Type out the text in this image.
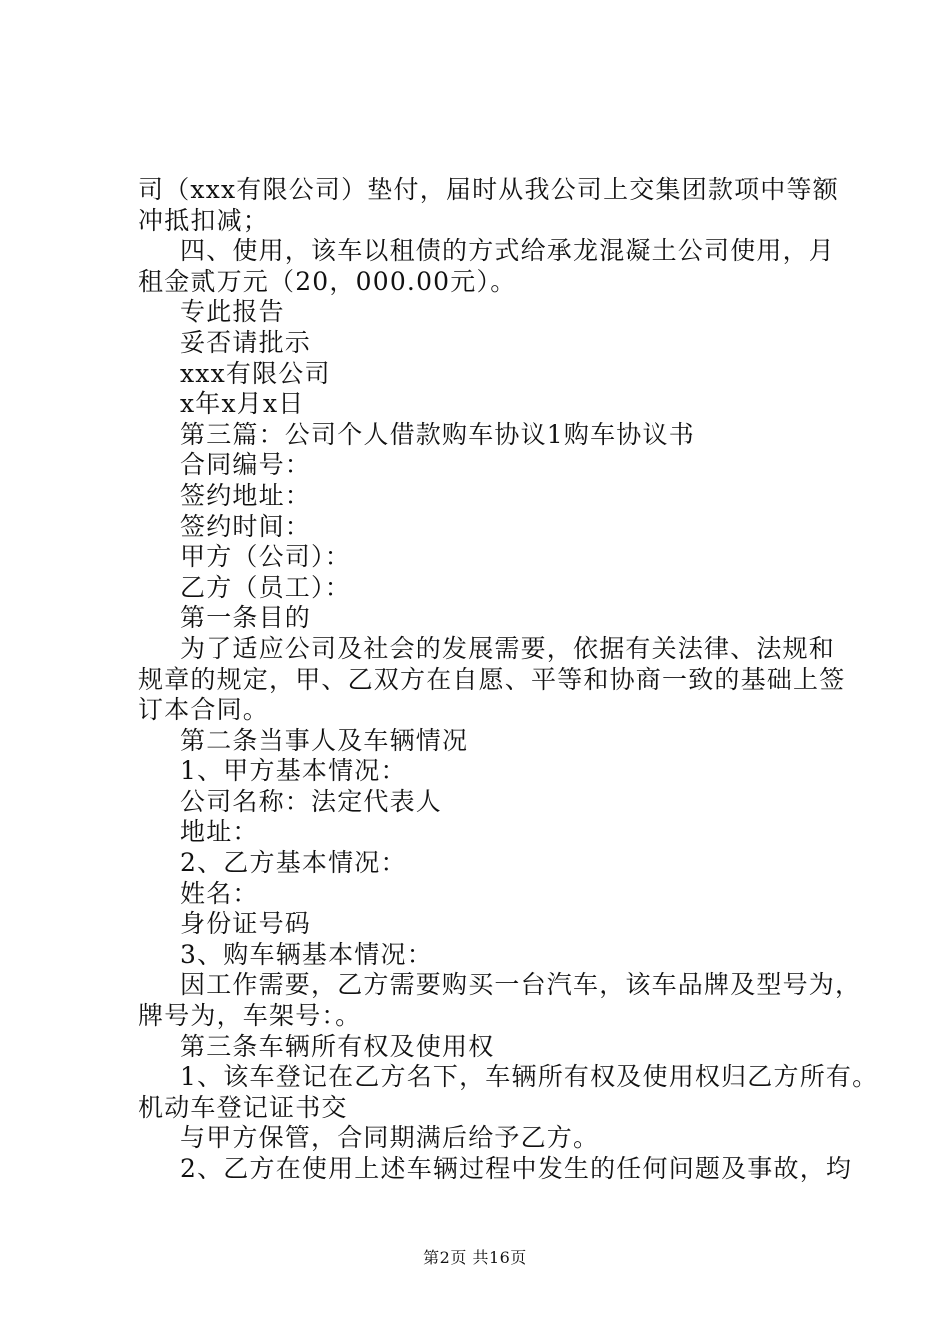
司（xxx有限公司）垫付，届时从我公司上交集团款项中等额
冲抵扣减；
四、使用，该车以租债的方式给承龙混凝土公司使用，月
租金贰万元（20，000.00元）。
专此报告
妥否请批示
xxx有限公司
x年x月x日
第三篇：公司个人借款购车协议1购车协议书
合同编号：
签约地址：
签约时间：
甲方（公司）：
乙方（员工）：
第一条目的
为了适应公司及社会的发展需要，依据有关法律、法规和
规章的规定，甲、乙双方在自愿、平等和协商一致的基础上签
订本合同。
第二条当事人及车辆情况
1、甲方基本情况：
公司名称：法定代表人
地址：
2、乙方基本情况：
姓名：
身份证号码
3、购车辆基本情况：
因工作需要，乙方需要购买一台汽车，该车品牌及型号为，
牌号为，车架号：。
第三条车辆所有权及使用权
1、该车登记在乙方名下，车辆所有权及使用权归乙方所有。
机动车登记证书交
与甲方保管，合同期满后给予乙方。
2、乙方在使用上述车辆过程中发生的任何问题及事故，均
第2页 共16页
